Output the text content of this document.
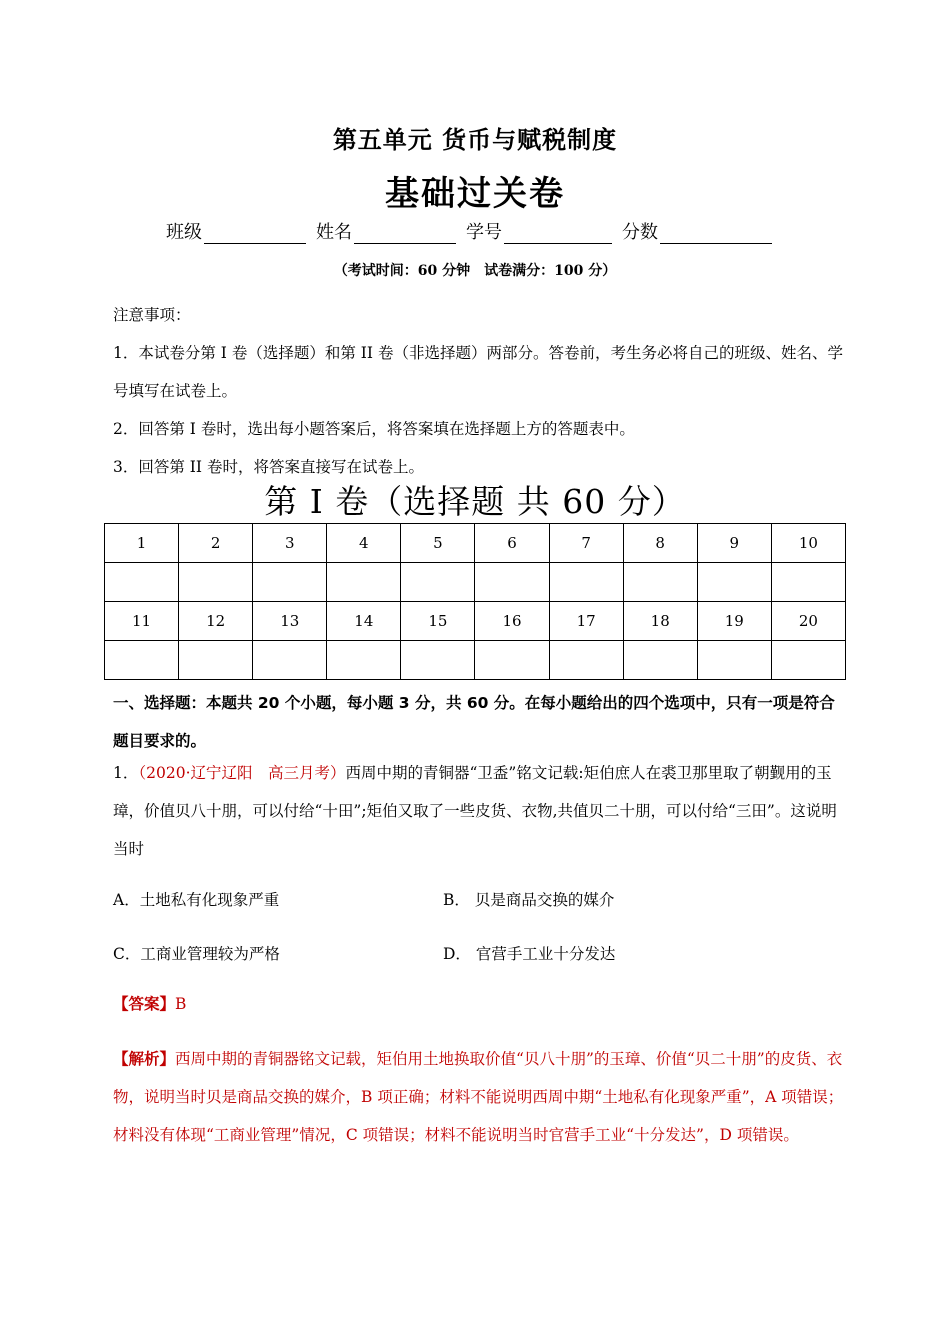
第五单元 货币与赋税制度
基础过关卷
班级	姓名	学号	分数
（考试时间：60 分钟　试卷满分：100 分）

注意事项：

1．本试卷分第 I 卷（选择题）和第 II 卷（非选择题）两部分。答卷前，考生务必将自己的班级、姓名、学号填写在试卷上。

2．回答第 I 卷时，选出每小题答案后，将答案填在选择题上方的答题表中。

3．回答第 II 卷时，将答案直接写在试卷上。

第 I 卷（选择题 共 60 分）
1	2	3	4	5	6	7	8	9	10

11	12	13	14	15	16	17	18	19	20

一、选择题：本题共 20 个小题，每小题 3 分，共 60 分。在每小题给出的四个选项中，只有一项是符合题目要求的。
1．（2020·辽宁辽阳　高三月考）西周中期的青铜器“卫盉”铭文记载:矩伯庶人在裘卫那里取了朝觐用的玉璋，价值贝八十朋，可以付给“十田”;矩伯又取了一些皮货、衣物,共值贝二十朋，可以付给“三田”。这说明当时
A．土地私有化现象严重	B． 贝是商品交换的媒介
C．工商业管理较为严格	D． 官营手工业十分发达
【答案】B
【解析】西周中期的青铜器铭文记载，矩伯用土地换取价值“贝八十朋”的玉璋、价值“贝二十朋”的皮货、衣物，说明当时贝是商品交换的媒介，B 项正确；材料不能说明西周中期“土地私有化现象严重”，A 项错误；材料没有体现“工商业管理”情况，C 项错误；材料不能说明当时官营手工业“十分发达”，D 项错误。
